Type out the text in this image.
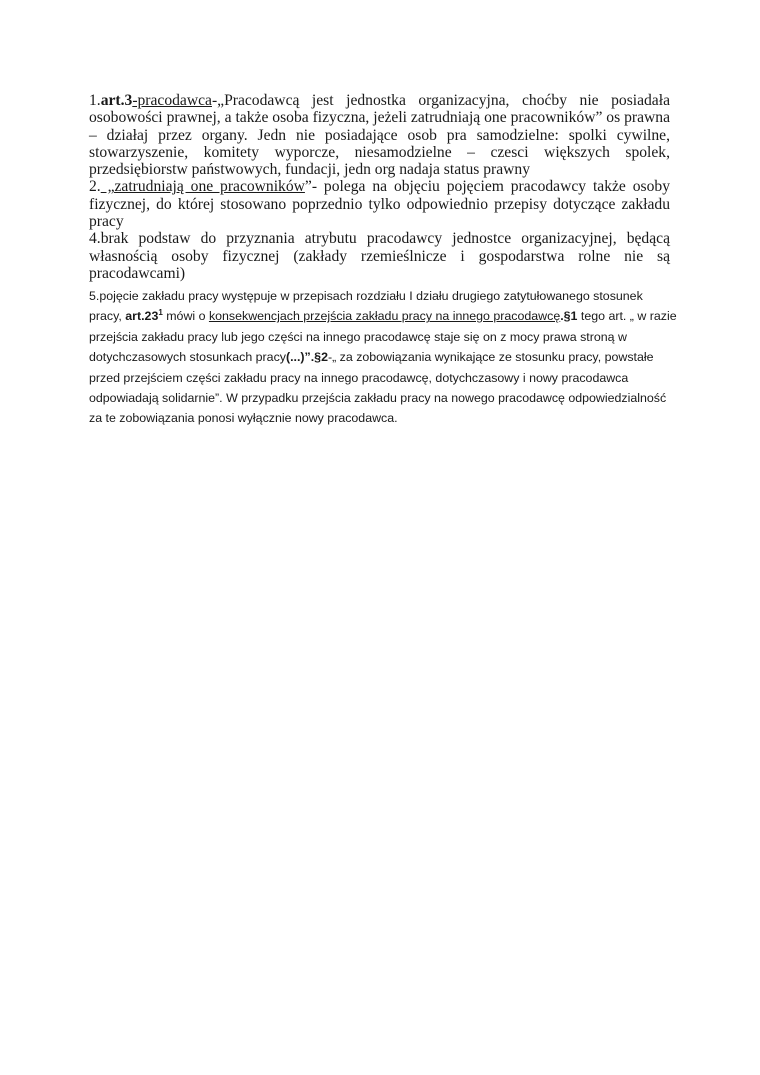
1.art.3-pracodawca-„Pracodawcą jest jednostka organizacyjna, choćby nie posiadała osobowości prawnej, a także osoba fizyczna, jeżeli zatrudniają one pracowników” os prawna – działaj przez organy. Jedn nie posiadające osob pra samodzielne: spolki cywilne, stowarzyszenie, komitety wyporcze, niesamodzielne – czesci większych spolek, przedsiębiorstw państwowych, fundacji, jedn org nadaja status prawny

2. „zatrudniają one pracowników”- polega na objęciu pojęciem pracodawcy także osoby fizycznej, do której stosowano poprzednio tylko odpowiednio przepisy dotyczące zakładu pracy

4.brak podstaw do przyznania atrybutu pracodawcy jednostce organizacyjnej, będącą własnością osoby fizycznej (zakłady rzemieślnicze i gospodarstwa rolne nie są pracodawcami)

5.pojęcie zakładu pracy występuje w przepisach rozdziału I działu drugiego zatytułowanego stosunek pracy, $art.23^1$ mówi o konsekwencjach przejścia zakładu pracy na innego pracodawcę.§1 tego art. „ w razie przejścia zakładu pracy lub jego części na innego pracodawcę staje się on z mocy prawa stroną w dotychczasowych stosunkach pracy(...)”.§2-„ za zobowiązania wynikające ze stosunku pracy, powstałe przed przejściem części zakładu pracy na innego pracodawcę, dotychczasowy i nowy pracodawca odpowiadają solidarnie”. W przypadku przejścia zakładu pracy na nowego pracodawcę odpowiedzialność za te zobowiązania ponosi wyłącznie nowy pracodawca.
